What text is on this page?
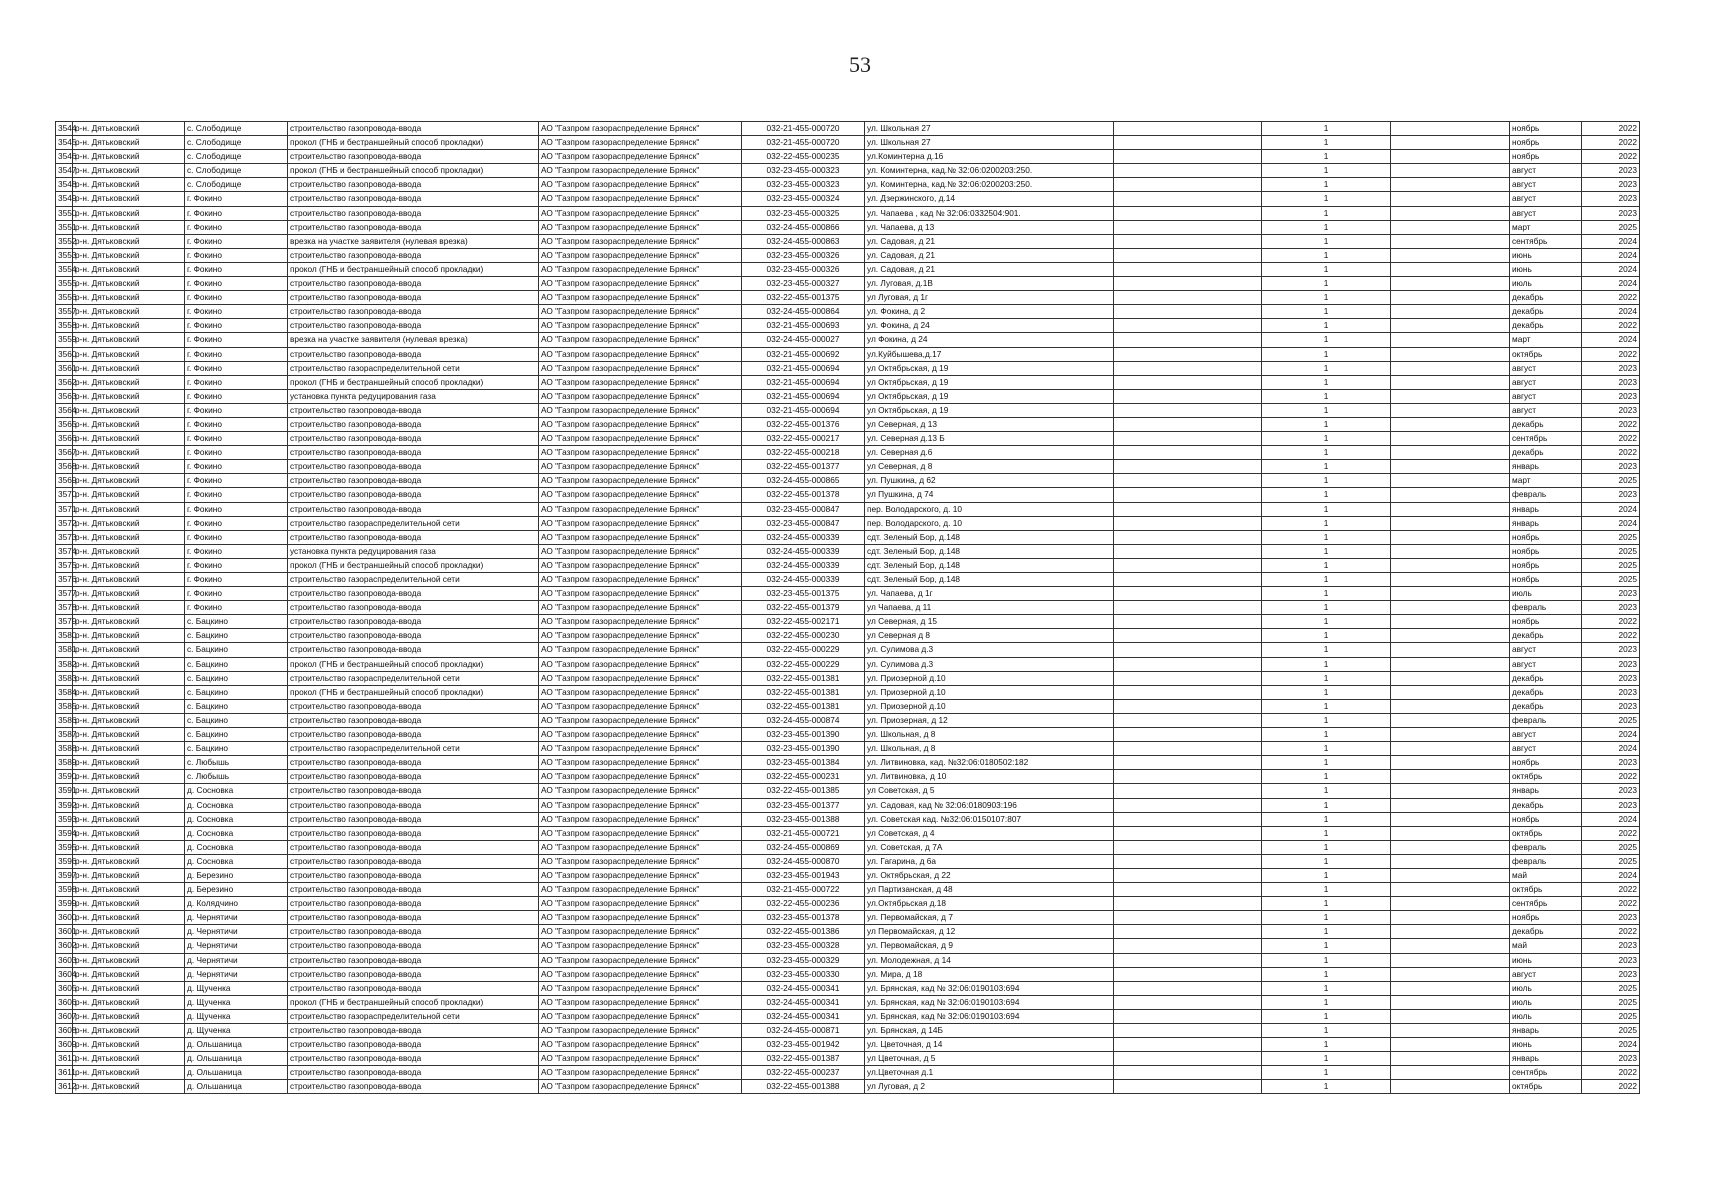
53
3544	р-н. Дятьковский	с. Слободище	строительство газопровода-ввода	АО "Газпром газораспределение Брянск"	032-21-455-000720	ул. Школьная 27		1		ноябрь	2022
3545	р-н. Дятьковский	с. Слободище	прокол (ГНБ и бестраншейный способ прокладки)	АО "Газпром газораспределение Брянск"	032-21-455-000720	ул. Школьная 27		1		ноябрь	2022
3546	р-н. Дятьковский	с. Слободище	строительство газопровода-ввода	АО "Газпром газораспределение Брянск"	032-22-455-000235	ул.Коминтерна д.16		1		ноябрь	2022
3547	р-н. Дятьковский	с. Слободище	прокол (ГНБ и бестраншейный способ прокладки)	АО "Газпром газораспределение Брянск"	032-23-455-000323	ул. Коминтерна, кад.№ 32:06:0200203:250.		1		август	2023
3548	р-н. Дятьковский	с. Слободище	строительство газопровода-ввода	АО "Газпром газораспределение Брянск"	032-23-455-000323	ул. Коминтерна, кад.№ 32:06:0200203:250.		1		август	2023
3549	р-н. Дятьковский	г. Фокино	строительство газопровода-ввода	АО "Газпром газораспределение Брянск"	032-23-455-000324	ул. Дзержинского, д.14		1		август	2023
3550	р-н. Дятьковский	г. Фокино	строительство газопровода-ввода	АО "Газпром газораспределение Брянск"	032-23-455-000325	ул. Чапаева , кад № 32:06:0332504:901.		1		август	2023
3551	р-н. Дятьковский	г. Фокино	строительство газопровода-ввода	АО "Газпром газораспределение Брянск"	032-24-455-000866	ул. Чапаева, д 13		1		март	2025
3552	р-н. Дятьковский	г. Фокино	врезка на участке заявителя (нулевая врезка)	АО "Газпром газораспределение Брянск"	032-24-455-000863	ул. Садовая, д 21		1		сентябрь	2024
3553	р-н. Дятьковский	г. Фокино	строительство газопровода-ввода	АО "Газпром газораспределение Брянск"	032-23-455-000326	ул. Садовая, д 21		1		июнь	2024
3554	р-н. Дятьковский	г. Фокино	прокол (ГНБ и бестраншейный способ прокладки)	АО "Газпром газораспределение Брянск"	032-23-455-000326	ул. Садовая, д 21		1		июнь	2024
3555	р-н. Дятьковский	г. Фокино	строительство газопровода-ввода	АО "Газпром газораспределение Брянск"	032-23-455-000327	ул. Луговая, д.1В		1		июль	2024
3556	р-н. Дятьковский	г. Фокино	строительство газопровода-ввода	АО "Газпром газораспределение Брянск"	032-22-455-001375	ул Луговая, д 1г		1		декабрь	2022
3557	р-н. Дятьковский	г. Фокино	строительство газопровода-ввода	АО "Газпром газораспределение Брянск"	032-24-455-000864	ул. Фокина, д 2		1		декабрь	2024
3558	р-н. Дятьковский	г. Фокино	строительство газопровода-ввода	АО "Газпром газораспределение Брянск"	032-21-455-000693	ул. Фокина, д 24		1		декабрь	2022
3559	р-н. Дятьковский	г. Фокино	врезка на участке заявителя (нулевая врезка)	АО "Газпром газораспределение Брянск"	032-24-455-000027	ул Фокина, д 24		1		март	2024
3560	р-н. Дятьковский	г. Фокино	строительство газопровода-ввода	АО "Газпром газораспределение Брянск"	032-21-455-000692	ул.Куйбышева,д.17		1		октябрь	2022
3561	р-н. Дятьковский	г. Фокино	строительство газораспределительной сети	АО "Газпром газораспределение Брянск"	032-21-455-000694	ул Октябрьская, д 19		1		август	2023
3562	р-н. Дятьковский	г. Фокино	прокол (ГНБ и бестраншейный способ прокладки)	АО "Газпром газораспределение Брянск"	032-21-455-000694	ул Октябрьская, д 19		1		август	2023
3563	р-н. Дятьковский	г. Фокино	установка пункта редуцирования газа	АО "Газпром газораспределение Брянск"	032-21-455-000694	ул Октябрьская, д 19		1		август	2023
3564	р-н. Дятьковский	г. Фокино	строительство газопровода-ввода	АО "Газпром газораспределение Брянск"	032-21-455-000694	ул Октябрьская, д 19		1		август	2023
3565	р-н. Дятьковский	г. Фокино	строительство газопровода-ввода	АО "Газпром газораспределение Брянск"	032-22-455-001376	ул Северная, д 13		1		декабрь	2022
3566	р-н. Дятьковский	г. Фокино	строительство газопровода-ввода	АО "Газпром газораспределение Брянск"	032-22-455-000217	ул. Северная д.13 Б		1		сентябрь	2022
3567	р-н. Дятьковский	г. Фокино	строительство газопровода-ввода	АО "Газпром газораспределение Брянск"	032-22-455-000218	ул. Северная д.6		1		декабрь	2022
3568	р-н. Дятьковский	г. Фокино	строительство газопровода-ввода	АО "Газпром газораспределение Брянск"	032-22-455-001377	ул Северная, д 8		1		январь	2023
3569	р-н. Дятьковский	г. Фокино	строительство газопровода-ввода	АО "Газпром газораспределение Брянск"	032-24-455-000865	ул. Пушкина, д 62		1		март	2025
3570	р-н. Дятьковский	г. Фокино	строительство газопровода-ввода	АО "Газпром газораспределение Брянск"	032-22-455-001378	ул Пушкина, д 74		1		февраль	2023
3571	р-н. Дятьковский	г. Фокино	строительство газопровода-ввода	АО "Газпром газораспределение Брянск"	032-23-455-000847	пер. Володарского, д. 10		1		январь	2024
3572	р-н. Дятьковский	г. Фокино	строительство газораспределительной сети	АО "Газпром газораспределение Брянск"	032-23-455-000847	пер. Володарского, д. 10		1		январь	2024
3573	р-н. Дятьковский	г. Фокино	строительство газопровода-ввода	АО "Газпром газораспределение Брянск"	032-24-455-000339	сдт. Зеленый Бор, д.148		1		ноябрь	2025
3574	р-н. Дятьковский	г. Фокино	установка пункта редуцирования газа	АО "Газпром газораспределение Брянск"	032-24-455-000339	сдт. Зеленый Бор, д.148		1		ноябрь	2025
3575	р-н. Дятьковский	г. Фокино	прокол (ГНБ и бестраншейный способ прокладки)	АО "Газпром газораспределение Брянск"	032-24-455-000339	сдт. Зеленый Бор, д.148		1		ноябрь	2025
3576	р-н. Дятьковский	г. Фокино	строительство газораспределительной сети	АО "Газпром газораспределение Брянск"	032-24-455-000339	сдт. Зеленый Бор, д.148		1		ноябрь	2025
3577	р-н. Дятьковский	г. Фокино	строительство газопровода-ввода	АО "Газпром газораспределение Брянск"	032-23-455-001375	ул. Чапаева, д 1г		1		июль	2023
3578	р-н. Дятьковский	г. Фокино	строительство газопровода-ввода	АО "Газпром газораспределение Брянск"	032-22-455-001379	ул Чапаева, д 11		1		февраль	2023
3579	р-н. Дятьковский	с. Бацкино	строительство газопровода-ввода	АО "Газпром газораспределение Брянск"	032-22-455-002171	ул Северная, д 15		1		ноябрь	2022
3580	р-н. Дятьковский	с. Бацкино	строительство газопровода-ввода	АО "Газпром газораспределение Брянск"	032-22-455-000230	ул Северная д 8		1		декабрь	2022
3581	р-н. Дятьковский	с. Бацкино	строительство газопровода-ввода	АО "Газпром газораспределение Брянск"	032-22-455-000229	ул. Сулимова д.3		1		август	2023
3582	р-н. Дятьковский	с. Бацкино	прокол (ГНБ и бестраншейный способ прокладки)	АО "Газпром газораспределение Брянск"	032-22-455-000229	ул. Сулимова д.3		1		август	2023
3583	р-н. Дятьковский	с. Бацкино	строительство газораспределительной сети	АО "Газпром газораспределение Брянск"	032-22-455-001381	ул. Приозерной д.10		1		декабрь	2023
3584	р-н. Дятьковский	с. Бацкино	прокол (ГНБ и бестраншейный способ прокладки)	АО "Газпром газораспределение Брянск"	032-22-455-001381	ул. Приозерной д.10		1		декабрь	2023
3585	р-н. Дятьковский	с. Бацкино	строительство газопровода-ввода	АО "Газпром газораспределение Брянск"	032-22-455-001381	ул. Приозерной д.10		1		декабрь	2023
3586	р-н. Дятьковский	с. Бацкино	строительство газопровода-ввода	АО "Газпром газораспределение Брянск"	032-24-455-000874	ул. Приозерная, д 12		1		февраль	2025
3587	р-н. Дятьковский	с. Бацкино	строительство газопровода-ввода	АО "Газпром газораспределение Брянск"	032-23-455-001390	ул. Школьная, д 8		1		август	2024
3588	р-н. Дятьковский	с. Бацкино	строительство газораспределительной сети	АО "Газпром газораспределение Брянск"	032-23-455-001390	ул. Школьная, д 8		1		август	2024
3589	р-н. Дятьковский	с. Любышь	строительство газопровода-ввода	АО "Газпром газораспределение Брянск"	032-23-455-001384	ул. Литвиновка, кад. №32:06:0180502:182		1		ноябрь	2023
3590	р-н. Дятьковский	с. Любышь	строительство газопровода-ввода	АО "Газпром газораспределение Брянск"	032-22-455-000231	ул. Литвиновка, д 10		1		октябрь	2022
3591	р-н. Дятьковский	д. Сосновка	строительство газопровода-ввода	АО "Газпром газораспределение Брянск"	032-22-455-001385	ул Советская, д 5		1		январь	2023
3592	р-н. Дятьковский	д. Сосновка	строительство газопровода-ввода	АО "Газпром газораспределение Брянск"	032-23-455-001377	ул. Садовая, кад № 32:06:0180903:196		1		декабрь	2023
3593	р-н. Дятьковский	д. Сосновка	строительство газопровода-ввода	АО "Газпром газораспределение Брянск"	032-23-455-001388	ул. Советская кад. №32:06:0150107:807		1		ноябрь	2024
3594	р-н. Дятьковский	д. Сосновка	строительство газопровода-ввода	АО "Газпром газораспределение Брянск"	032-21-455-000721	ул Советская, д 4		1		октябрь	2022
3595	р-н. Дятьковский	д. Сосновка	строительство газопровода-ввода	АО "Газпром газораспределение Брянск"	032-24-455-000869	ул. Советская, д 7А		1		февраль	2025
3596	р-н. Дятьковский	д. Сосновка	строительство газопровода-ввода	АО "Газпром газораспределение Брянск"	032-24-455-000870	ул. Гагарина, д 6а		1		февраль	2025
3597	р-н. Дятьковский	д. Березино	строительство газопровода-ввода	АО "Газпром газораспределение Брянск"	032-23-455-001943	ул. Октябрьская, д 22		1		май	2024
3598	р-н. Дятьковский	д. Березино	строительство газопровода-ввода	АО "Газпром газораспределение Брянск"	032-21-455-000722	ул Партизанская, д 48		1		октябрь	2022
3599	р-н. Дятьковский	д. Колядчино	строительство газопровода-ввода	АО "Газпром газораспределение Брянск"	032-22-455-000236	ул.Октябрьская д.18		1		сентябрь	2022
3600	р-н. Дятьковский	д. Чернятичи	строительство газопровода-ввода	АО "Газпром газораспределение Брянск"	032-23-455-001378	ул. Первомайская, д 7		1		ноябрь	2023
3601	р-н. Дятьковский	д. Чернятичи	строительство газопровода-ввода	АО "Газпром газораспределение Брянск"	032-22-455-001386	ул Первомайская, д 12		1		декабрь	2022
3602	р-н. Дятьковский	д. Чернятичи	строительство газопровода-ввода	АО "Газпром газораспределение Брянск"	032-23-455-000328	ул. Первомайская, д 9		1		май	2023
3603	р-н. Дятьковский	д. Чернятичи	строительство газопровода-ввода	АО "Газпром газораспределение Брянск"	032-23-455-000329	ул. Молодежная, д 14		1		июнь	2023
3604	р-н. Дятьковский	д. Чернятичи	строительство газопровода-ввода	АО "Газпром газораспределение Брянск"	032-23-455-000330	ул. Мира, д 18		1		август	2023
3605	р-н. Дятьковский	д. Щученка	строительство газопровода-ввода	АО "Газпром газораспределение Брянск"	032-24-455-000341	ул. Брянская, кад № 32:06:0190103:694		1		июль	2025
3606	р-н. Дятьковский	д. Щученка	прокол (ГНБ и бестраншейный способ прокладки)	АО "Газпром газораспределение Брянск"	032-24-455-000341	ул. Брянская, кад № 32:06:0190103:694		1		июль	2025
3607	р-н. Дятьковский	д. Щученка	строительство газораспределительной сети	АО "Газпром газораспределение Брянск"	032-24-455-000341	ул. Брянская, кад № 32:06:0190103:694		1		июль	2025
3608	р-н. Дятьковский	д. Щученка	строительство газопровода-ввода	АО "Газпром газораспределение Брянск"	032-24-455-000871	ул. Брянская, д 14Б		1		январь	2025
3609	р-н. Дятьковский	д. Ольшаница	строительство газопровода-ввода	АО "Газпром газораспределение Брянск"	032-23-455-001942	ул. Цветочная, д 14		1		июнь	2024
3610	р-н. Дятьковский	д. Ольшаница	строительство газопровода-ввода	АО "Газпром газораспределение Брянск"	032-22-455-001387	ул Цветочная, д 5		1		январь	2023
3611	р-н. Дятьковский	д. Ольшаница	строительство газопровода-ввода	АО "Газпром газораспределение Брянск"	032-22-455-000237	ул.Цветочная д.1		1		сентябрь	2022
3612	р-н. Дятьковский	д. Ольшаница	строительство газопровода-ввода	АО "Газпром газораспределение Брянск"	032-22-455-001388	ул Луговая, д 2		1		октябрь	2022
